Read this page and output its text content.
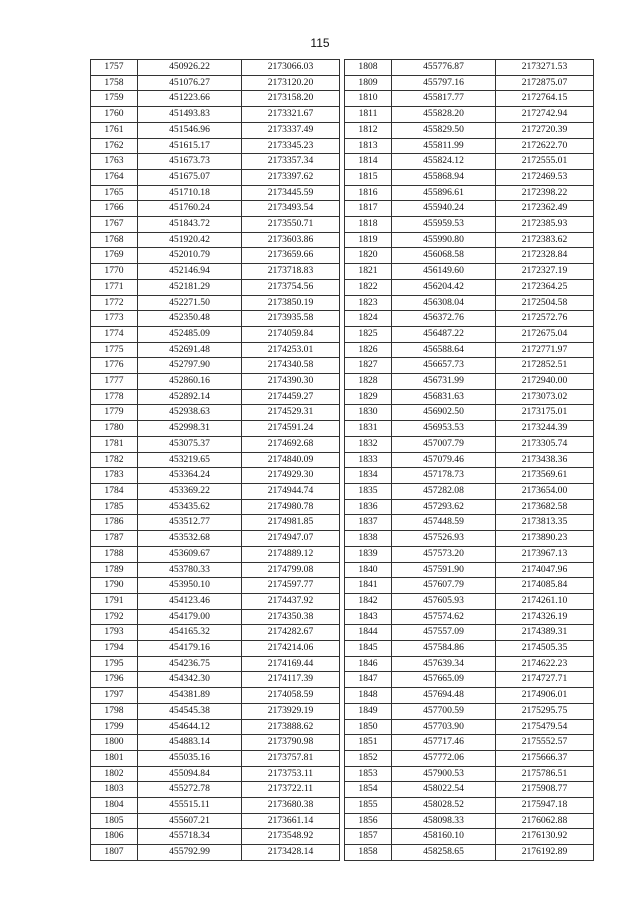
115
1757	450926.22	2173066.03
1758	451076.27	2173120.20
1759	451223.66	2173158.20
1760	451493.83	2173321.67
1761	451546.96	2173337.49
1762	451615.17	2173345.23
1763	451673.73	2173357.34
1764	451675.07	2173397.62
1765	451710.18	2173445.59
1766	451760.24	2173493.54
1767	451843.72	2173550.71
1768	451920.42	2173603.86
1769	452010.79	2173659.66
1770	452146.94	2173718.83
1771	452181.29	2173754.56
1772	452271.50	2173850.19
1773	452350.48	2173935.58
1774	452485.09	2174059.84
1775	452691.48	2174253.01
1776	452797.90	2174340.58
1777	452860.16	2174390.30
1778	452892.14	2174459.27
1779	452938.63	2174529.31
1780	452998.31	2174591.24
1781	453075.37	2174692.68
1782	453219.65	2174840.09
1783	453364.24	2174929.30
1784	453369.22	2174944.74
1785	453435.62	2174980.78
1786	453512.77	2174981.85
1787	453532.68	2174947.07
1788	453609.67	2174889.12
1789	453780.33	2174799.08
1790	453950.10	2174597.77
1791	454123.46	2174437.92
1792	454179.00	2174350.38
1793	454165.32	2174282.67
1794	454179.16	2174214.06
1795	454236.75	2174169.44
1796	454342.30	2174117.39
1797	454381.89	2174058.59
1798	454545.38	2173929.19
1799	454644.12	2173888.62
1800	454883.14	2173790.98
1801	455035.16	2173757.81
1802	455094.84	2173753.11
1803	455272.78	2173722.11
1804	455515.11	2173680.38
1805	455607.21	2173661.14
1806	455718.34	2173548.92
1807	455792.99	2173428.14
1808	455776.87	2173271.53
1809	455797.16	2172875.07
1810	455817.77	2172764.15
1811	455828.20	2172742.94
1812	455829.50	2172720.39
1813	455811.99	2172622.70
1814	455824.12	2172555.01
1815	455868.94	2172469.53
1816	455896.61	2172398.22
1817	455940.24	2172362.49
1818	455959.53	2172385.93
1819	455990.80	2172383.62
1820	456068.58	2172328.84
1821	456149.60	2172327.19
1822	456204.42	2172364.25
1823	456308.04	2172504.58
1824	456372.76	2172572.76
1825	456487.22	2172675.04
1826	456588.64	2172771.97
1827	456657.73	2172852.51
1828	456731.99	2172940.00
1829	456831.63	2173073.02
1830	456902.50	2173175.01
1831	456953.53	2173244.39
1832	457007.79	2173305.74
1833	457079.46	2173438.36
1834	457178.73	2173569.61
1835	457282.08	2173654.00
1836	457293.62	2173682.58
1837	457448.59	2173813.35
1838	457526.93	2173890.23
1839	457573.20	2173967.13
1840	457591.90	2174047.96
1841	457607.79	2174085.84
1842	457605.93	2174261.10
1843	457574.62	2174326.19
1844	457557.09	2174389.31
1845	457584.86	2174505.35
1846	457639.34	2174622.23
1847	457665.09	2174727.71
1848	457694.48	2174906.01
1849	457700.59	2175295.75
1850	457703.90	2175479.54
1851	457717.46	2175552.57
1852	457772.06	2175666.37
1853	457900.53	2175786.51
1854	458022.54	2175908.77
1855	458028.52	2175947.18
1856	458098.33	2176062.88
1857	458160.10	2176130.92
1858	458258.65	2176192.89
